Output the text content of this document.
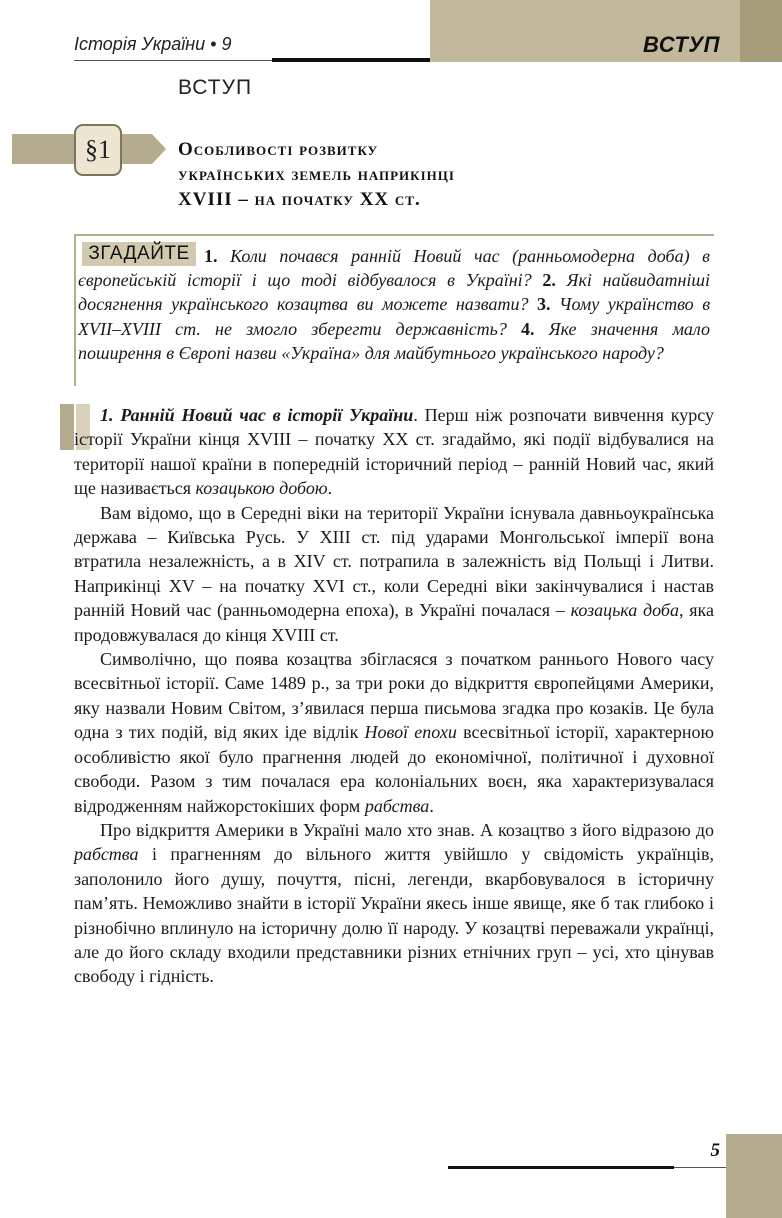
Історія України • 9	ВСТУП
ВСТУП
§1	Особливості розвитку
українських земель наприкінці
XVIII – на початку XX ст.
1. Коли почався ранній Новий час (ранньомодерна доба) в європейській історії і що тоді відбувалося в Україні? 2. Які найвидатніші досягнення українського козацтва ви можете назвати? 3. Чому українство в XVII–XVIII ст. не змогло зберегти державність? 4. Яке значення мало поширення в Європі назви «Україна» для майбутнього українського народу?
ЗГАДАЙТЕ

1. Ранній Новий час в історії України. Перш ніж розпочати вивчення курсу історії України кінця XVIII – початку XX ст. згадаймо, які події відбувалися на території нашої країни в попередній історичний період – ранній Новий час, який ще називається козацькою добою.

Вам відомо, що в Середні віки на території України існувала давньоукраїнська держава – Київська Русь. У XIII ст. під ударами Монгольської імперії вона втратила незалежність, а в XIV ст. потрапила в залежність від Польщі і Литви. Наприкінці XV – на початку XVI ст., коли Середні віки закінчувалися і настав ранній Новий час (ранньомодерна епоха), в Україні почалася – козацька доба, яка продовжувалася до кінця XVIII ст.

Символічно, що поява козацтва збігласяся з початком раннього Нового часу всесвітньої історії. Саме 1489 р., за три роки до відкриття європейцями Америки, яку назвали Новим Світом, з’явилася перша письмова згадка про козаків. Це була одна з тих подій, від яких іде відлік Нової епохи всесвітньої історії, характерною особливістю якої було прагнення людей до економічної, політичної і духовної свободи. Разом з тим почалася ера колоніальних воєн, яка характеризувалася відродженням найжорстокіших форм рабства.

Про відкриття Америки в Україні мало хто знав. А козацтво з його відразою до рабства і прагненням до вільного життя увійшло у свідомість українців, заполонило його душу, почуття, пісні, легенди, вкарбовувалося в історичну пам’ять. Неможливо знайти в історії України якесь інше явище, яке б так глибоко і різнобічно вплинуло на історичну долю її народу. У козацтві переважали українці, але до його складу входили представники різних етнічних груп – усі, хто цінував свободу і гідність.

5
